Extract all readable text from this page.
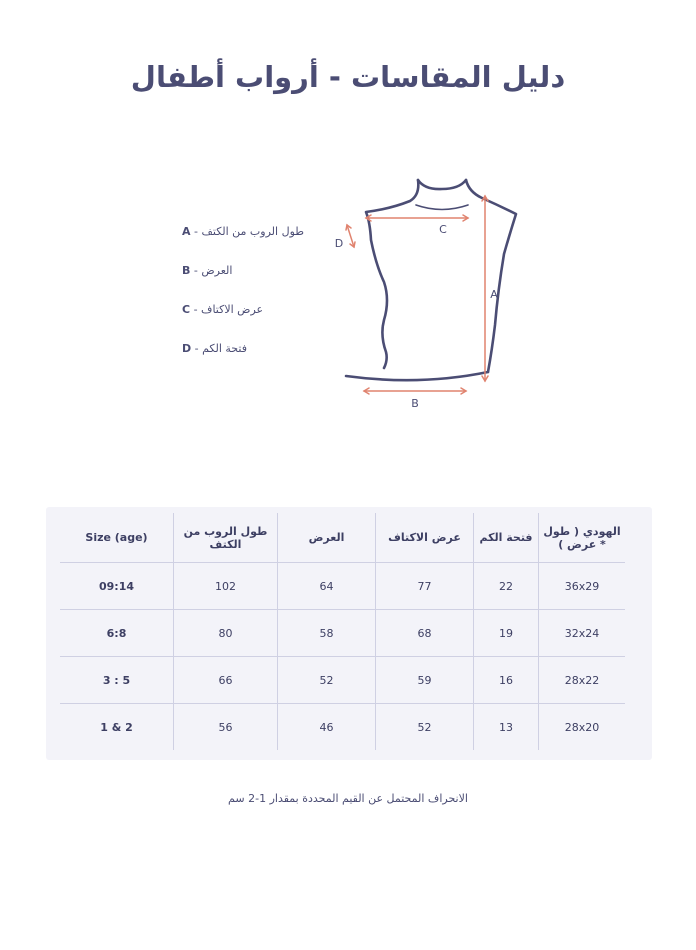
دليل المقاسات - أرواب أطفال
A - طول الروب من الكتف
B - العرض
C - عرض الاكتاف
D - فتحة الكم
C
A
B
D
Size (age)	طول الروب من الكتف	العرض	عرض الاكتاف	فتحة الكم	الهودي ( طول * عرض )
09:14	102	64	77	22	36x29
6:8	80	58	68	19	32x24
3 : 5	66	52	59	16	28x22
1 & 2	56	46	52	13	28x20
الانحراف المحتمل عن القيم المحددة بمقدار 1-2 سم
